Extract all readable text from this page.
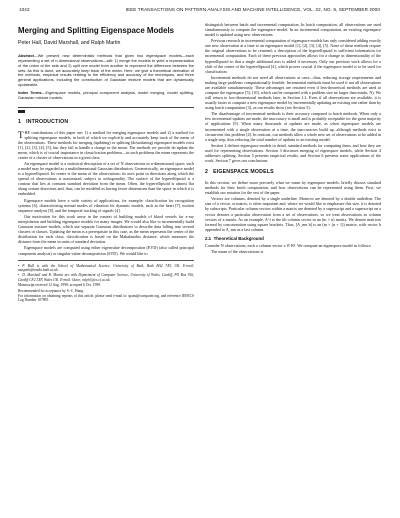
1042	IEEE TRANSACTIONS ON PATTERN ANALYSIS AND MACHINE INTELLIGENCE, VOL. 22, NO. 9, SEPTEMBER 2000
Merging and Splitting Eigenspace Models
Peter Hall, David Marshall, and Ralph Martin
Abstract—We present new deterministic methods that given two eigenspace models—each representing a set of n-dimensional observations—will: 1) merge the models to yield a representation of the union of the sets and 2) split one model from another to represent the difference between the sets. As this is done, we accurately keep track of the mean. Here, we give a theoretical derivation of the methods, empirical results relating to the efficiency and accuracy of the techniques, and three general applications, including the construction of Gaussian mixture models that are dynamically updateable.
Index Terms—Eigenspace models, principal component analysis, model merging, model splitting, Gaussian mixture models.
1 INTRODUCTION

THE contributions of this paper are: 1) a method for merging eigenspace models and 2) a method for splitting eigenspace models, in both of which we explicitly and accurately keep track of the mean of the observations. These methods for merging (updating) or splitting (downdating) eigenspace models exist [1], [2], [3], [4], [5], but they fail to handle a change in the mean. The methods we provide do update the mean, which is of crucial importance in classification problems—in such problems the mean represents the center of a cluster of observations in a given class.

An eigenspace model is a statistical description of a set of N observations in n-dimensional space; such a model may be regarded as a multidimensional Gaussian distribution. Geometrically, an eigenspace model is a hyperellipsoid. Its center is the mean of the observations; its axes point in directions along which the spread of observations is maximized, subject to orthogonality. The surface of the hyperellipsoid is a contour that lies at constant standard deviation from the mean. Often, the hyperellipsoid is almost flat along certain directions and, thus, can be modeled as having fewer dimensions than the space in which it is embedded.

Eigenspace models have a wide variety of applications, for example: classification for recognition systems [6], characterizing normal modes of vibration for dynamic models, such as the heart [7], motion sequence analysis [8], and the temporal tracking of signals [4].

Our motivation for this work arose in the context of building models of blood vessels for x-ray interpolation and building eigenspace models for many images. We would also like to incrementally build Gaussian mixture models, which use separate Gaussian distributions to describe data falling into several clusters or classes. Updating the mean is a prerequisite in this case, as the mean represents the center of the distribution for each class; classification is based on the Mahalanobis distance, which measures the distance from the mean in units of standard deviation.

Eigenspace models are computed using either eigenvalue decomposition (EVD) (also called principal component analysis) or singular-value decomposition (SVD). We would like to

• P. Hall is with the School of Mathematical Science, University of Bath, Bath BA2 7AY, UK. E-mail: maspmh@maths.bath.ac.uk.

• D. Marshall and R. Martin are with Department of Computer Science, University of Wales, Cardiff, PO Box 916, Cardiff CF2 3XF, Wales UK. E-mail: {dave, ralph}@cs.cf.ac.uk.

Manuscript received 12 Aug. 1998; accepted 6 Oct. 1999.

Recommended for acceptance by S.-C. Hung.

For information on obtaining reprints of this article, please send e-mail to: tpami@computer.org, and reference IEEECS Log Number 107895.

distinguish between batch and incremental computation. In batch computation, all observations are used simultaneously to compute the eigenspace model. In an incremental computation, an existing eigenspace model is updated using new observations.

Previous research in incremental computation of eigenspace models has only considered adding exactly one new observation at a time to an eigenspace model [1], [2], [3], [4], [5]. None of these methods require the original observations to be retained; a description of the hyperellipsoid is sufficient information for incremental computation. Each of these previous approaches allows for a change in dimensionality of the hyperellipsoid so that a single additional axis is added if necessary. Only our previous work allows for a shift of the center of the hyperellipsoid [4], which proves crucial if the eigenspace model is to be used for classification.

Incremental methods do not need all observations at once—thus, reducing storage requirements and making large problems computationally feasible. Incremental methods must be used if not all observations are available simultaneously. These advantages are retained even if less-theoretical methods are used to compute the eigenspace [5], [10], which can be computed with a problem size no larger than min(n, N). We will return to low-dimensional methods later, in Section 1.2. Even if all observations are available, it is usually faster to compute a new eigenspace model by incrementally updating an existing one rather than by using batch computation [3], as our results show (see Section 5).

The disadvantage of incremental methods is their accuracy compared to batch methods. When only a few incremental updates are made, the inaccuracy is small and is probably acceptable for the great majority of applications [9]. When many thousands of updates are made, as when eigenspace models are incremented with a single observation at a time, the inaccuracies build up, although methods exist to circumvent this problem [4]. In contrast, our methods allow a whole new set of observations to be added in a single step, thus reducing the total number of updates to an existing model.

Section 2 defines eigenspace models in detail, standard methods for computing them, and how they are used for representing observations. Section 3 discusses merging of eigenspace models, while Section 4 addresses splitting. Section 5 presents empirical results, and Section 6 presents some applications of the work. Section 7 gives our conclusions.

2 EIGENSPACE MODELS

In this section, we define more precisely what we mean by eigenspace models, briefly discuss standard methods for their batch computation, and how observations can be represented using them. First, we establish our notation for the rest of the paper.

Vectors are columns, denoted by a single underline. Matrices are denoted by a double underline. The size of a vector, or matrix, is often important and, where we would like to emphasize this size, it is denoted by subscripts. Particular column vectors within a matrix are denoted by a superscript and a superscript on a vector denotes a particular observation from a set of observations, so we treat observations as column vectors of a matrix. As an example, A^i is the ith column vector in an (m × n) matrix. We denote matrices formed by concatenation using square brackets. Thus, [A_mn b] is an (m × (n + 1)) matrix, with vector b appended to A_mn as a last column.

2.1 Theoretical Background

Consider N observations, each a column vector x ∈ Rⁿ. We compute an eigenspace model as follows:

The mean of the observations is
